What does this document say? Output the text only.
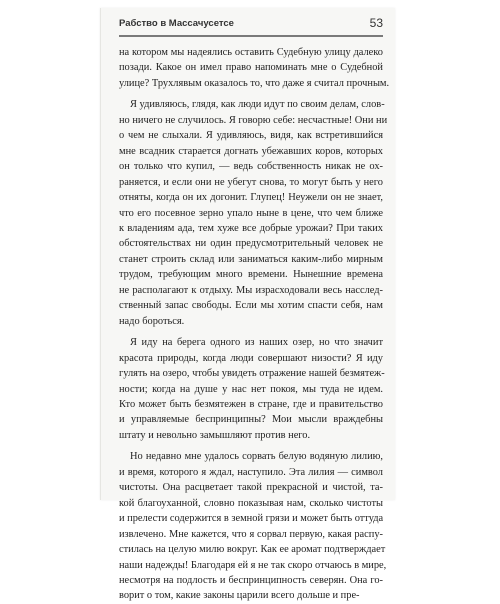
Рабство в Массачусетсе	53
на котором мы надеялись оставить Судебную улицу далеко
позади. Какое он имел право напоминать мне о Судебной
улице? Трухлявым оказалось то, что даже я считал прочным.
Я удивляюсь, глядя, как люди идут по своим делам, слов-
но ничего не случилось. Я говорю себе: несчастные! Они ни
о чем не слыхали. Я удивляюсь, видя, как встретившийся
мне всадник старается догнать убежавших коров, которых
он только что купил, — ведь собственность никак не ох-
раняется, и если они не убегут снова, то могут быть у него
отняты, когда он их догонит. Глупец! Неужели он не знает,
что его посевное зерно упало ныне в цене, что чем ближе
к владениям ада, тем хуже все добрые урожаи? При таких
обстоятельствах ни один предусмотрительный человек не
станет строить склад или заниматься каким-либо мирным
трудом, требующим много времени. Нынешние времена
не располагают к отдыху. Мы израсходовали весь насслед-
ственный запас свободы. Если мы хотим спасти себя, нам
надо бороться.
Я иду на берега одного из наших озер, но что значит
красота природы, когда люди совершают низости? Я иду
гулять на озеро, чтобы увидеть отражение нашей безмятеж-
ности; когда на душе у нас нет покоя, мы туда не идем.
Кто может быть безмятежен в стране, где и правительство
и управляемые беспринципны? Мои мысли враждебны
штату и невольно замышляют против него.
Но недавно мне удалось сорвать белую водяную лилию,
и время, которого я ждал, наступило. Эта лилия — символ
чистоты. Она расцветает такой прекрасной и чистой, та-
кой благоуханной, словно показывая нам, сколько чистоты
и прелести содержится в земной грязи и может быть оттуда
извлечено. Мне кажется, что я сорвал первую, какая распу-
стилась на целую милю вокруг. Как ее аромат подтверждает
наши надежды! Благодаря ей я не так скоро отчаюсь в мире,
несмотря на подлость и беспринципность северян. Она го-
ворит о том, какие законы царили всего дольше и пре-
